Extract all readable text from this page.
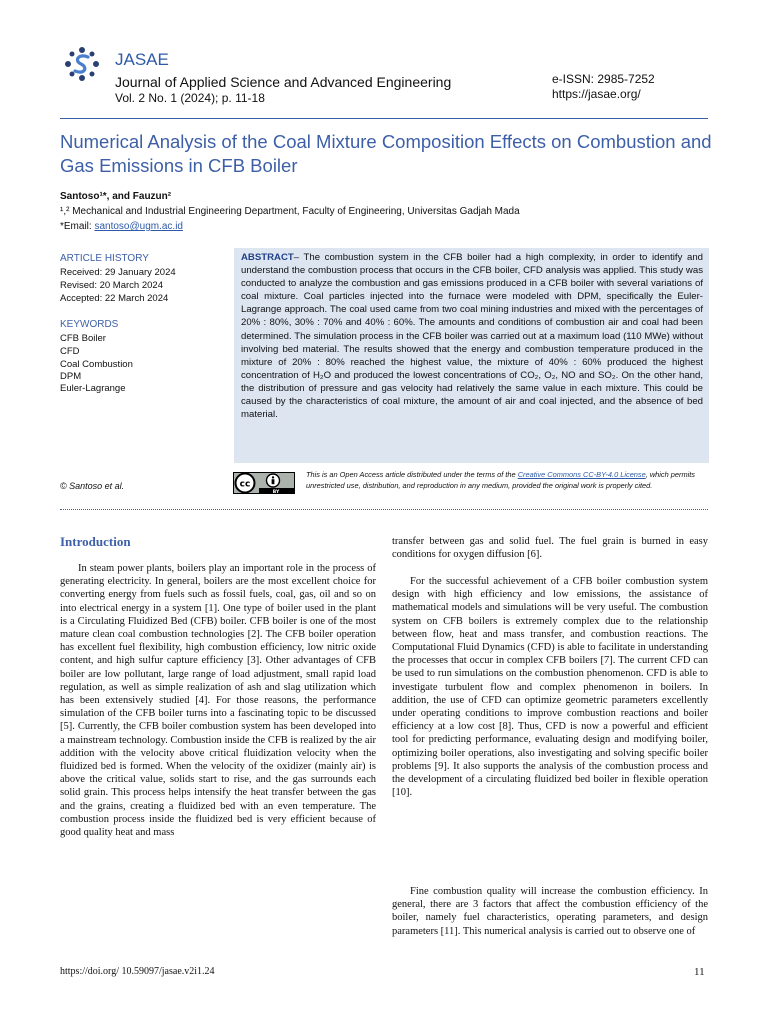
JASAE
Journal of Applied Science and Advanced Engineering
Vol. 2 No. 1 (2024); p. 11-18
e-ISSN: 2985-7252
https://jasae.org/
Numerical Analysis of the Coal Mixture Composition Effects on Combustion and Gas Emissions in CFB Boiler
Santoso¹*, and Fauzun²
¹,² Mechanical and Industrial Engineering Department, Faculty of Engineering, Universitas Gadjah Mada
*Email: santoso@ugm.ac.id
ARTICLE HISTORY
Received: 29 January 2024
Revised: 20 March 2024
Accepted: 22 March 2024
KEYWORDS
CFB Boiler
CFD
Coal Combustion
DPM
Euler-Lagrange
ABSTRACT– The combustion system in the CFB boiler had a high complexity, in order to identify and understand the combustion process that occurs in the CFB boiler, CFD analysis was applied. This study was conducted to analyze the combustion and gas emissions produced in a CFB boiler with several variations of coal mixture. Coal particles injected into the furnace were modeled with DPM, specifically the Euler-Lagrange approach. The coal used came from two coal mining industries and mixed with the percentages of 20% : 80%, 30% : 70% and 40% : 60%. The amounts and conditions of combustion air and coal had been determined. The simulation process in the CFB boiler was carried out at a maximum load (110 MWe) without involving bed material. The results showed that the energy and combustion temperature produced in the mixture of 20% : 80% reached the highest value, the mixture of 40% : 60% produced the highest concentration of H₂O and produced the lowest concentrations of CO₂, O₂, NO and SO₂. On the other hand, the distribution of pressure and gas velocity had relatively the same value in each mixture. This could be caused by the characteristics of coal mixture, the amount of air and coal injected, and the absence of bed material.
© Santoso et al.	cc
BY
This is an Open Access article distributed under the terms of the Creative Commons CC-BY-4.0 License, which permits unrestricted use, distribution, and reproduction in any medium, provided the original work is properly cited.
Introduction

In steam power plants, boilers play an important role in the process of generating electricity. In general, boilers are the most excellent choice for converting energy from fuels such as fossil fuels, coal, gas, oil and so on into electrical energy in a system [1]. One type of boiler used in the plant is a Circulating Fluidized Bed (CFB) boiler. CFB boiler is one of the most mature clean coal combustion technologies [2]. The CFB boiler operation has excellent fuel flexibility, high combustion efficiency, low nitric oxide content, and high sulfur capture efficiency [3]. Other advantages of CFB boiler are low pollutant, large range of load adjustment, small rapid load regulation, as well as simple realization of ash and slag utilization which has been extensively studied [4]. For those reasons, the performance simulation of the CFB boiler turns into a fascinating topic to be discussed [5]. Currently, the CFB boiler combustion system has been developed into a mainstream technology. Combustion inside the CFB is realized by the air addition with the velocity above critical fluidization velocity when the fluidized bed is formed. When the velocity of the oxidizer (mainly air) is above the critical value, solids start to rise, and the gas surrounds each solid grain. This process helps intensify the heat transfer between the gas and the grains, creating a fluidized bed with an even temperature. The combustion process inside the fluidized bed is very efficient because of good quality heat and mass

transfer between gas and solid fuel. The fuel grain is burned in easy conditions for oxygen diffusion [6].

For the successful achievement of a CFB boiler combustion system design with high efficiency and low emissions, the assistance of mathematical models and simulations will be very useful. The combustion system on CFB boilers is extremely complex due to the relationship between flow, heat and mass transfer, and combustion reactions. The Computational Fluid Dynamics (CFD) is able to facilitate in understanding the processes that occur in complex CFB boilers [7]. The current CFD can be used to run simulations on the combustion phenomenon. CFD is able to investigate turbulent flow and complex phenomenon in boilers. In addition, the use of CFD can optimize geometric parameters excellently under operating conditions to improve combustion reactions and boiler efficiency at a low cost [8]. Thus, CFD is now a powerful and efficient tool for predicting performance, evaluating design and modifying boiler, optimizing boiler operations, also investigating and solving specific boiler problems [9]. It also supports the analysis of the combustion process and the development of a circulating fluidized bed boiler in flexible operation [10].

Fine combustion quality will increase the combustion efficiency. In general, there are 3 factors that affect the combustion efficiency of the boiler, namely fuel characteristics, operating parameters, and design parameters [11]. This numerical analysis is carried out to observe one of

https://doi.org/ 10.59097/jasae.v2i1.24	11
